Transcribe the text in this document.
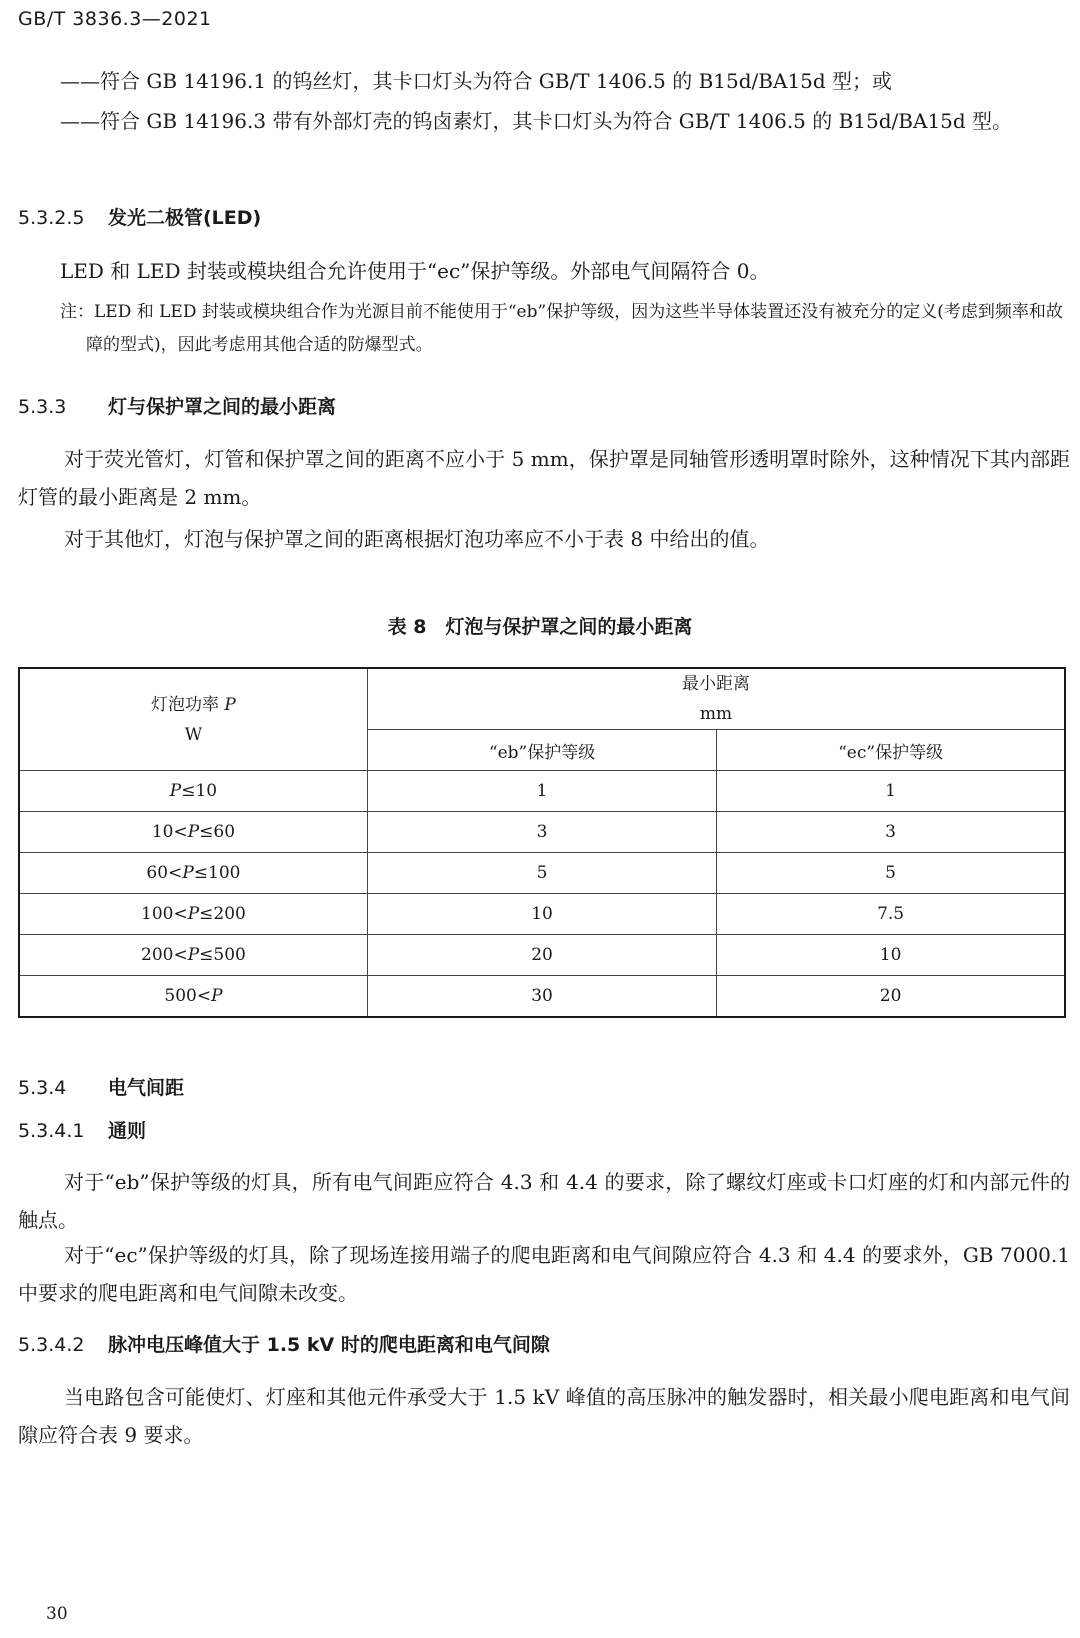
GB/T 3836.3—2021

——符合 GB 14196.1 的钨丝灯，其卡口灯头为符合 GB/T 1406.5 的 B15d/BA15d 型；或

——符合 GB 14196.3 带有外部灯壳的钨卤素灯，其卡口灯头为符合 GB/T 1406.5 的 B15d/BA15d 型。

5.3.2.5 发光二极管(LED)

LED 和 LED 封装或模块组合允许使用于“ec”保护等级。外部电气间隔符合 0。

注：LED 和 LED 封装或模块组合作为光源目前不能使用于“eb”保护等级，因为这些半导体装置还没有被充分的定义(考虑到频率和故障的型式)，因此考虑用其他合适的防爆型式。

5.3.3 灯与保护罩之间的最小距离

对于荧光管灯，灯管和保护罩之间的距离不应小于 5 mm，保护罩是同轴管形透明罩时除外，这种情况下其内部距灯管的最小距离是 2 mm。

对于其他灯，灯泡与保护罩之间的距离根据灯泡功率应不小于表 8 中给出的值。

表 8　灯泡与保护罩之间的最小距离
灯泡功率 P
W	最小距离
mm	
	“eb”保护等级	“ec”保护等级
P≤10	1	1
10<P≤60	3	3
60<P≤100	5	5
100<P≤200	10	7.5
200<P≤500	20	10
500<P	30	20
5.3.4 电气间距
5.3.4.1 通则

对于“eb”保护等级的灯具，所有电气间距应符合 4.3 和 4.4 的要求，除了螺纹灯座或卡口灯座的灯和内部元件的触点。

对于“ec”保护等级的灯具，除了现场连接用端子的爬电距离和电气间隙应符合 4.3 和 4.4 的要求外，GB 7000.1 中要求的爬电距离和电气间隙未改变。

5.3.4.2 脉冲电压峰值大于 1.5 kV 时的爬电距离和电气间隙

当电路包含可能使灯、灯座和其他元件承受大于 1.5 kV 峰值的高压脉冲的触发器时，相关最小爬电距离和电气间隙应符合表 9 要求。

30
